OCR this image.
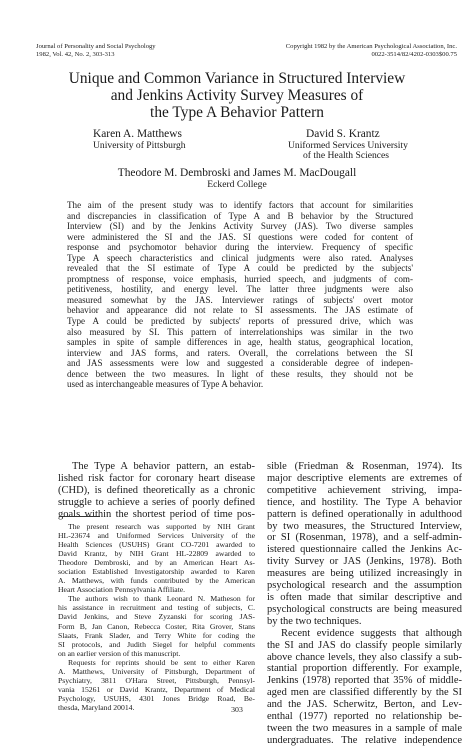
Journal of Personality and Social Psychology
1982, Vol. 42, No. 2, 303-313
Copyright 1982 by the American Psychological Association, Inc.
0022-3514/82/4202-0303$00.75
Unique and Common Variance in Structured Interview
and Jenkins Activity Survey Measures of
the Type A Behavior Pattern
Karen A. Matthews
University of Pittsburgh
David S. Krantz
Uniformed Services University
of the Health Sciences
Theodore M. Dembroski and James M. MacDougall
Eckerd College
The aim of the present study was to identify factors that account for similarities
and discrepancies in classification of Type A and B behavior by the Structured
Interview (SI) and by the Jenkins Activity Survey (JAS). Two diverse samples
were administered the SI and the JAS. SI questions were coded for content of
response and psychomotor behavior during the interview. Frequency of specific
Type A speech characteristics and clinical judgments were also rated. Analyses
revealed that the SI estimate of Type A could be predicted by the subjects'
promptness of response, voice emphasis, hurried speech, and judgments of com-
petitiveness, hostility, and energy level. The latter three judgments were also
measured somewhat by the JAS. Interviewer ratings of subjects' overt motor
behavior and appearance did not relate to SI assessments. The JAS estimate of
Type A could be predicted by subjects' reports of pressured drive, which was
also measured by SI. This pattern of interrelationships was similar in the two
samples in spite of sample differences in age, health status, geographical location,
interview and JAS forms, and raters. Overall, the correlations between the SI
and JAS assessments were low and suggested a considerable degree of indepen-
dence between the two measures. In light of these results, they should not be
used as interchangeable measures of Type A behavior.
The Type A behavior pattern, an estab-
lished risk factor for coronary heart disease
(CHD), is defined theoretically as a chronic
struggle to achieve a series of poorly defined
goals within the shortest period of time pos-
The present research was supported by NIH Grant
HL-23674 and Uniformed Services University of the
Health Sciences (USUHS) Grant CO-7201 awarded to
David Krantz, by NIH Grant HL-22809 awarded to
Theodore Dembroski, and by an American Heart As-
sociation Established Investigatorship awarded to Karen
A. Matthews, with funds contributed by the American
Heart Association Pennsylvania Affiliate.
The authors wish to thank Leonard N. Matheson for
his assistance in recruitment and testing of subjects, C.
David Jenkins, and Steve Zyzanski for scoring JAS-
Form B, Jan Canon, Rebecca Coster, Rita Grover, Stans
Slaats, Frank Slader, and Terry White for coding the
SI protocols, and Judith Siegel for helpful comments
on an earlier version of this manuscript.
Requests for reprints should be sent to either Karen
A. Matthews, University of Pittsburgh, Department of
Psychiatry, 3811 O'Hara Street, Pittsburgh, Pennsyl-
vania 15261 or David Krantz, Department of Medical
Psychology, USUHS, 4301 Jones Bridge Road, Be-
thesda, Maryland 20014.
sible (Friedman & Rosenman, 1974). Its
major descriptive elements are extremes of
competitive achievement striving, impa-
tience, and hostility. The Type A behavior
pattern is defined operationally in adulthood
by two measures, the Structured Interview,
or SI (Rosenman, 1978), and a self-admin-
istered questionnaire called the Jenkins Ac-
tivity Survey or JAS (Jenkins, 1978). Both
measures are being utilized increasingly in
psychological research and the assumption
is often made that similar descriptive and
psychological constructs are being measured
by the two techniques.
Recent evidence suggests that although
the SI and JAS do classify people similarly
above chance levels, they also classify a sub-
stantial proportion differently. For example,
Jenkins (1978) reported that 35% of middle-
aged men are classified differently by the SI
and the JAS. Scherwitz, Berton, and Lev-
enthal (1977) reported no relationship be-
tween the two measures in a sample of male
undergraduates. The relative independence
303
